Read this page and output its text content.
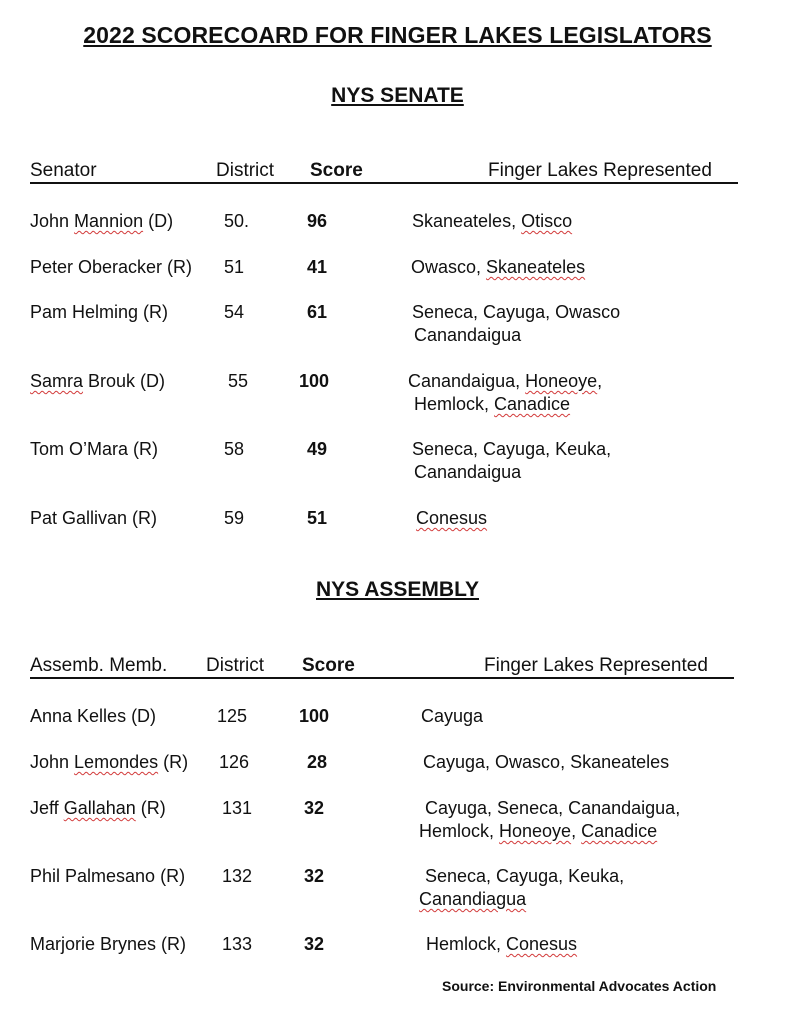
2022 SCORECOARD FOR FINGER LAKES LEGISLATORS
NYS SENATE
Senator	District Score	Finger Lakes Represented
John Mannion (D)	50.	96	Skaneateles, Otisco
Peter Oberacker (R) 51	41	Owasco, Skaneateles
Pam Helming (R)	54	61	Seneca, Cayuga, Owasco
Canandaigua
Samra Brouk (D)	55	100	Canandaigua, Honeoye,
Hemlock, Canadice
Tom O’Mara (R)	58	49	Seneca, Cayuga, Keuka,
Canandaigua
Pat Gallivan (R)	59	51	Conesus
NYS ASSEMBLY
Assemb. Memb. District Score	Finger Lakes Represented
Anna Kelles (D)	125	100	Cayuga
John Lemondes (R) 126	28	Cayuga, Owasco, Skaneateles
Jeff Gallahan (R)	131	32	Cayuga, Seneca, Canandaigua,
Hemlock, Honeoye, Canadice
Phil Palmesano (R) 132	32	Seneca, Cayuga, Keuka,
Canandiagua
Marjorie Brynes (R) 133	32	Hemlock, Conesus
Source: Environmental Advocates Action
